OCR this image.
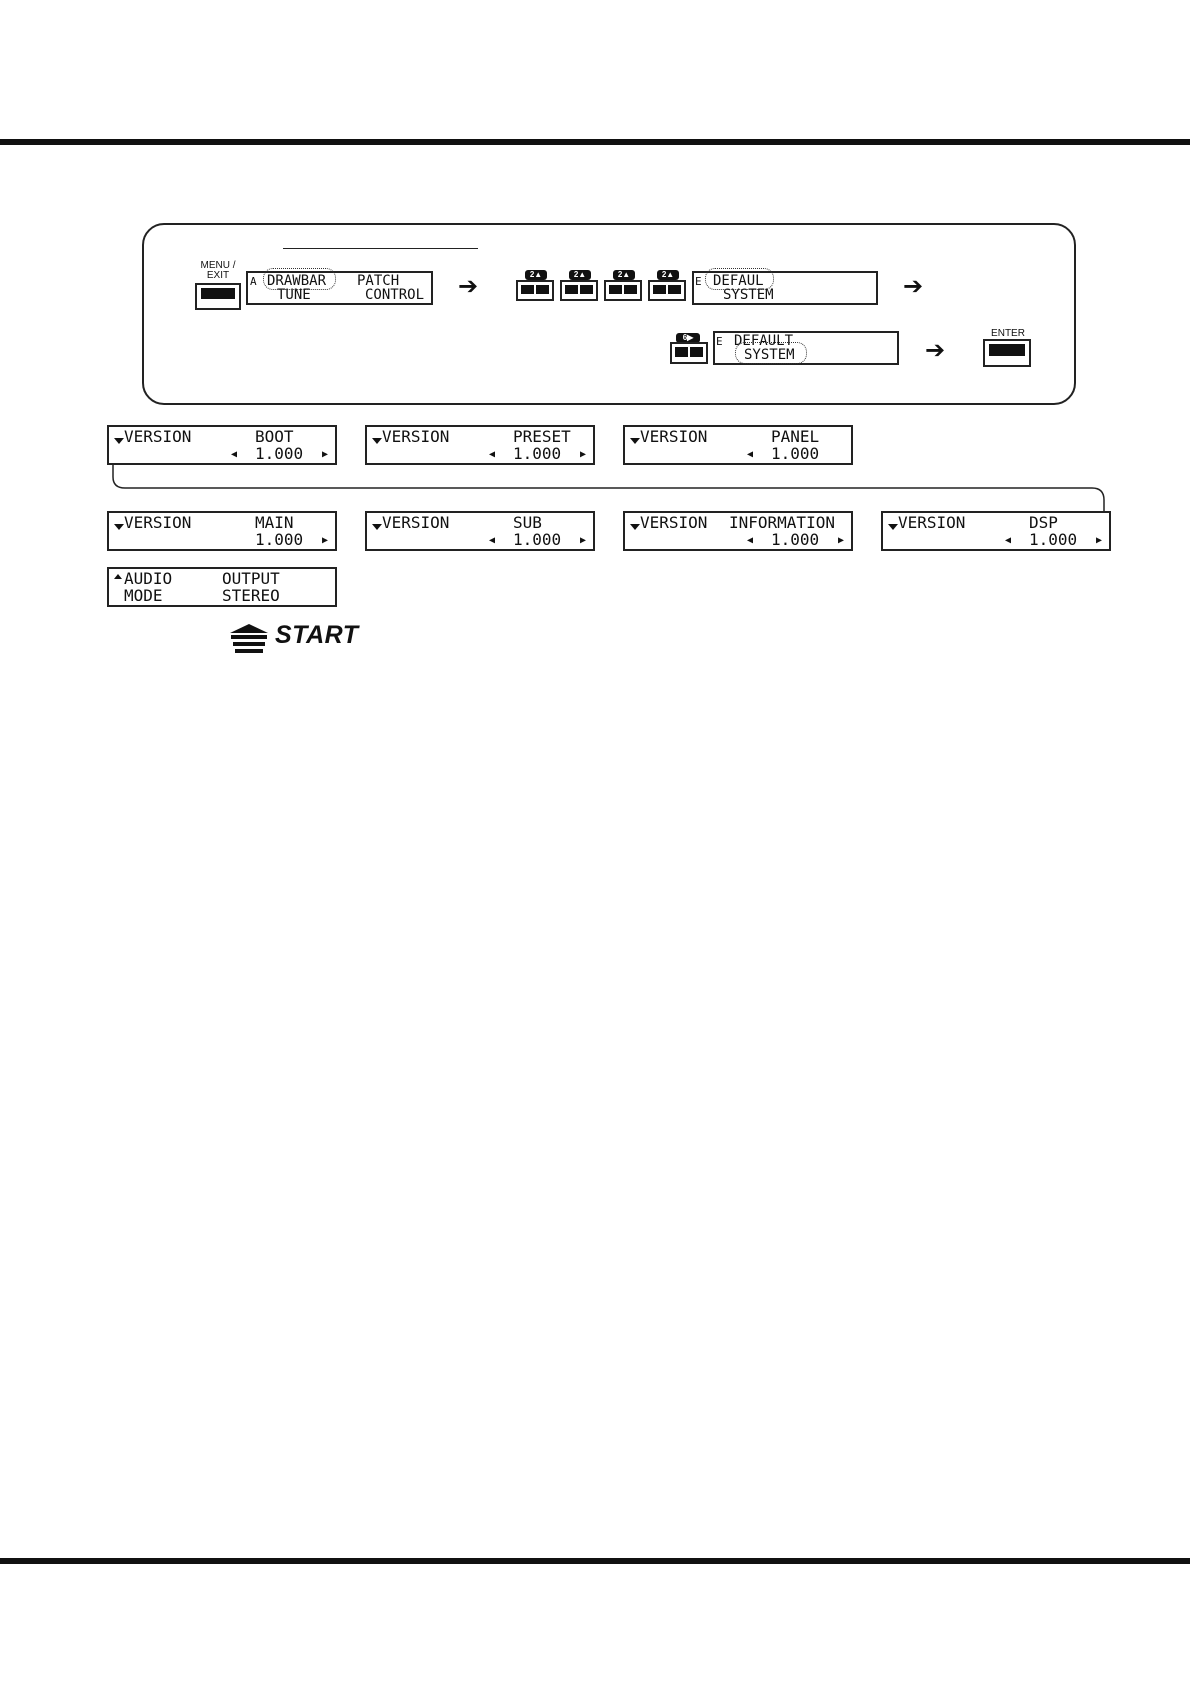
MENU /
EXIT	A DRAWBAR PATCH
TUNE	CONTROL ➔	2▲	2▲	2▲	2▲
E DEFAUL
SYSTEM	➔
6▶	E DEFAULT
SYSTEM	➔
ENTER
VERSION	BOOT
◀ 1.000 ▶
VERSION	PRESET
◀ 1.000 ▶
VERSION	PANEL
◀ 1.000
VERSION	MAIN
1.000 ▶
VERSION	SUB
◀ 1.000 ▶
VERSION INFORMATION
◀ 1.000 ▶
VERSION	DSP
◀ 1.000 ▶
AUDIO	OUTPUT
MODE	STEREO
START
